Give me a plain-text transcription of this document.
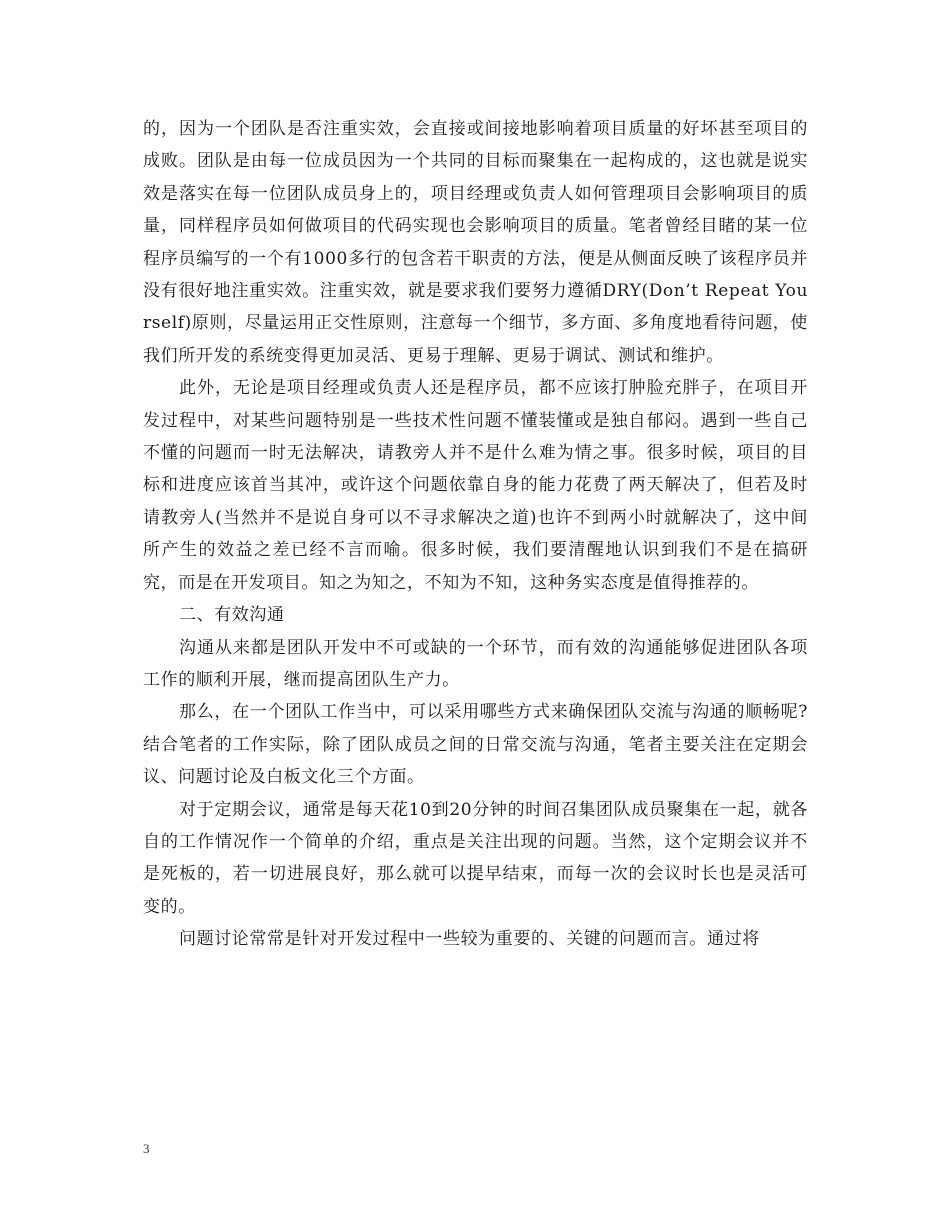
的，因为一个团队是否注重实效，会直接或间接地影响着项目质量的好坏甚至项目的成败。团队是由每一位成员因为一个共同的目标而聚集在一起构成的，这也就是说实效是落实在每一位团队成员身上的，项目经理或负责人如何管理项目会影响项目的质量，同样程序员如何做项目的代码实现也会影响项目的质量。笔者曾经目睹的某一位程序员编写的一个有1000多行的包含若干职责的方法，便是从侧面反映了该程序员并没有很好地注重实效。注重实效，就是要求我们要努力遵循DRY(Don’t Repeat Yourself)原则，尽量运用正交性原则，注意每一个细节，多方面、多角度地看待问题，使我们所开发的系统变得更加灵活、更易于理解、更易于调试、测试和维护。

此外，无论是项目经理或负责人还是程序员，都不应该打肿脸充胖子，在项目开发过程中，对某些问题特别是一些技术性问题不懂装懂或是独自郁闷。遇到一些自己不懂的问题而一时无法解决，请教旁人并不是什么难为情之事。很多时候，项目的目标和进度应该首当其冲，或许这个问题依靠自身的能力花费了两天解决了，但若及时请教旁人(当然并不是说自身可以不寻求解决之道)也许不到两小时就解决了，这中间所产生的效益之差已经不言而喻。很多时候，我们要清醒地认识到我们不是在搞研究，而是在开发项目。知之为知之，不知为不知，这种务实态度是值得推荐的。

二、有效沟通

沟通从来都是团队开发中不可或缺的一个环节，而有效的沟通能够促进团队各项工作的顺利开展，继而提高团队生产力。

那么，在一个团队工作当中，可以采用哪些方式来确保团队交流与沟通的顺畅呢?结合笔者的工作实际，除了团队成员之间的日常交流与沟通，笔者主要关注在定期会议、问题讨论及白板文化三个方面。

对于定期会议，通常是每天花10到20分钟的时间召集团队成员聚集在一起，就各自的工作情况作一个简单的介绍，重点是关注出现的问题。当然，这个定期会议并不是死板的，若一切进展良好，那么就可以提早结束，而每一次的会议时长也是灵活可变的。

问题讨论常常是针对开发过程中一些较为重要的、关键的问题而言。通过将

3
